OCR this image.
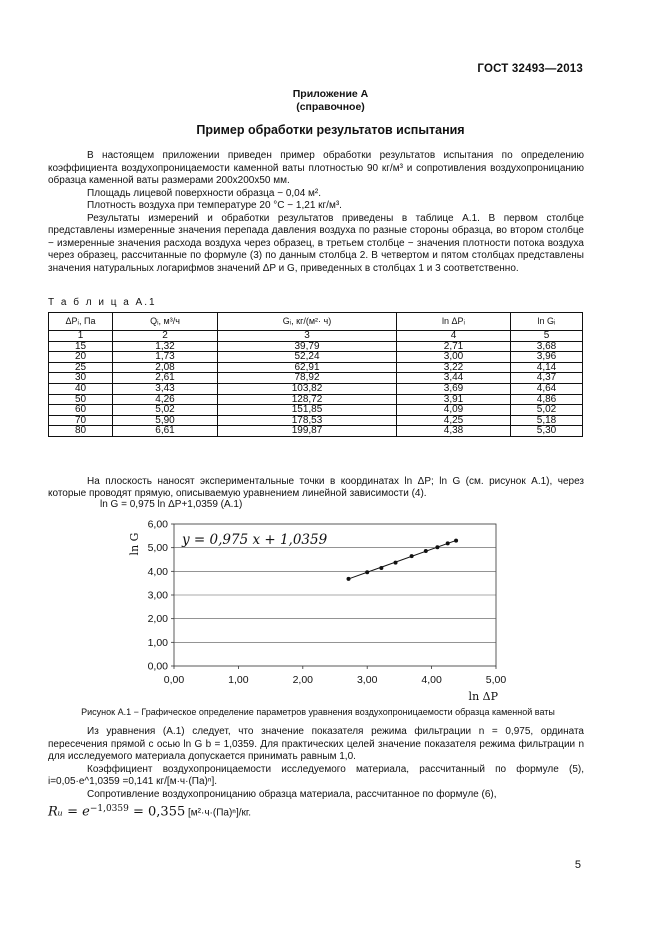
ГОСТ 32493—2013
Приложение А
(справочное)
Пример обработки результатов испытания

В настоящем приложении приведен пример обработки результатов испытания по определению коэффициента воздухопроницаемости каменной ваты плотностью 90 кг/м³ и сопротивления воздухопроницанию образца каменной ваты размерами 200x200x50 мм.

Площадь лицевой поверхности образца − 0,04 м².

Плотность воздуха при температуре 20 °С − 1,21 кг/м³.

Результаты измерений и обработки результатов приведены в таблице А.1. В первом столбце представлены измеренные значения перепада давления воздуха по разные стороны образца, во втором столбце − измеренные значения расхода воздуха через образец, в третьем столбце − значения плотности потока воздуха через образец, рассчитанные по формуле (3) по данным столбца 2. В четвертом и пятом столбцах представлены значения натуральных логарифмов значений ΔP и G, приведенных в столбцах 1 и 3 соответственно.

Т а б л и ц а А.1
ΔPᵢ, Па	Qᵢ, м³/ч	Gᵢ, кг/(м²· ч)	ln ΔPᵢ	ln Gᵢ
1	2	3	4	5
15	1,32	39,79	2,71	3,68
20	1,73	52,24	3,00	3,96
25	2,08	62,91	3,22	4,14
30	2,61	78,92	3,44	4,37
40	3,43	103,82	3,69	4,64
50	4,26	128,72	3,91	4,86
60	5,02	151,85	4,09	5,02
70	5,90	178,53	4,25	5,18
80	6,61	199,87	4,38	5,30

На плоскость наносят экспериментальные точки в координатах ln ΔP; ln G (см. рисунок А.1), через которые проводят прямую, описываемую уравнением линейной зависимости (4).

ln G = 0,975 ln ΔP+1,0359 (А.1)
0,00
1,00
2,00
3,00
4,00
5,00
6,00
0,00	1,00	2,00	3,00	4,00	5,00
y = 0,975 x + 1,0359
ln G
ln ΔP
Рисунок А.1 − Графическое определение параметров уравнения воздухопроницаемости образца каменной ваты

Из уравнения (А.1) следует, что значение показателя режима фильтрации n = 0,975, ордината пересечения прямой с осью ln G b = 1,0359. Для практических целей значение показателя режима фильтрации n для исследуемого материала допускается принимать равным 1,0.

Коэффициент воздухопроницаемости исследуемого материала, рассчитанный по формуле (5), i=0,05·e^1,0359 =0,141 кг/[м·ч·(Па)ⁿ].

Сопротивление воздухопроницанию образца материала, рассчитанное по формуле (6),

Rᵤ = e−1,0359 = 0,355 [м²·ч·(Па)ⁿ]/кг.
5
